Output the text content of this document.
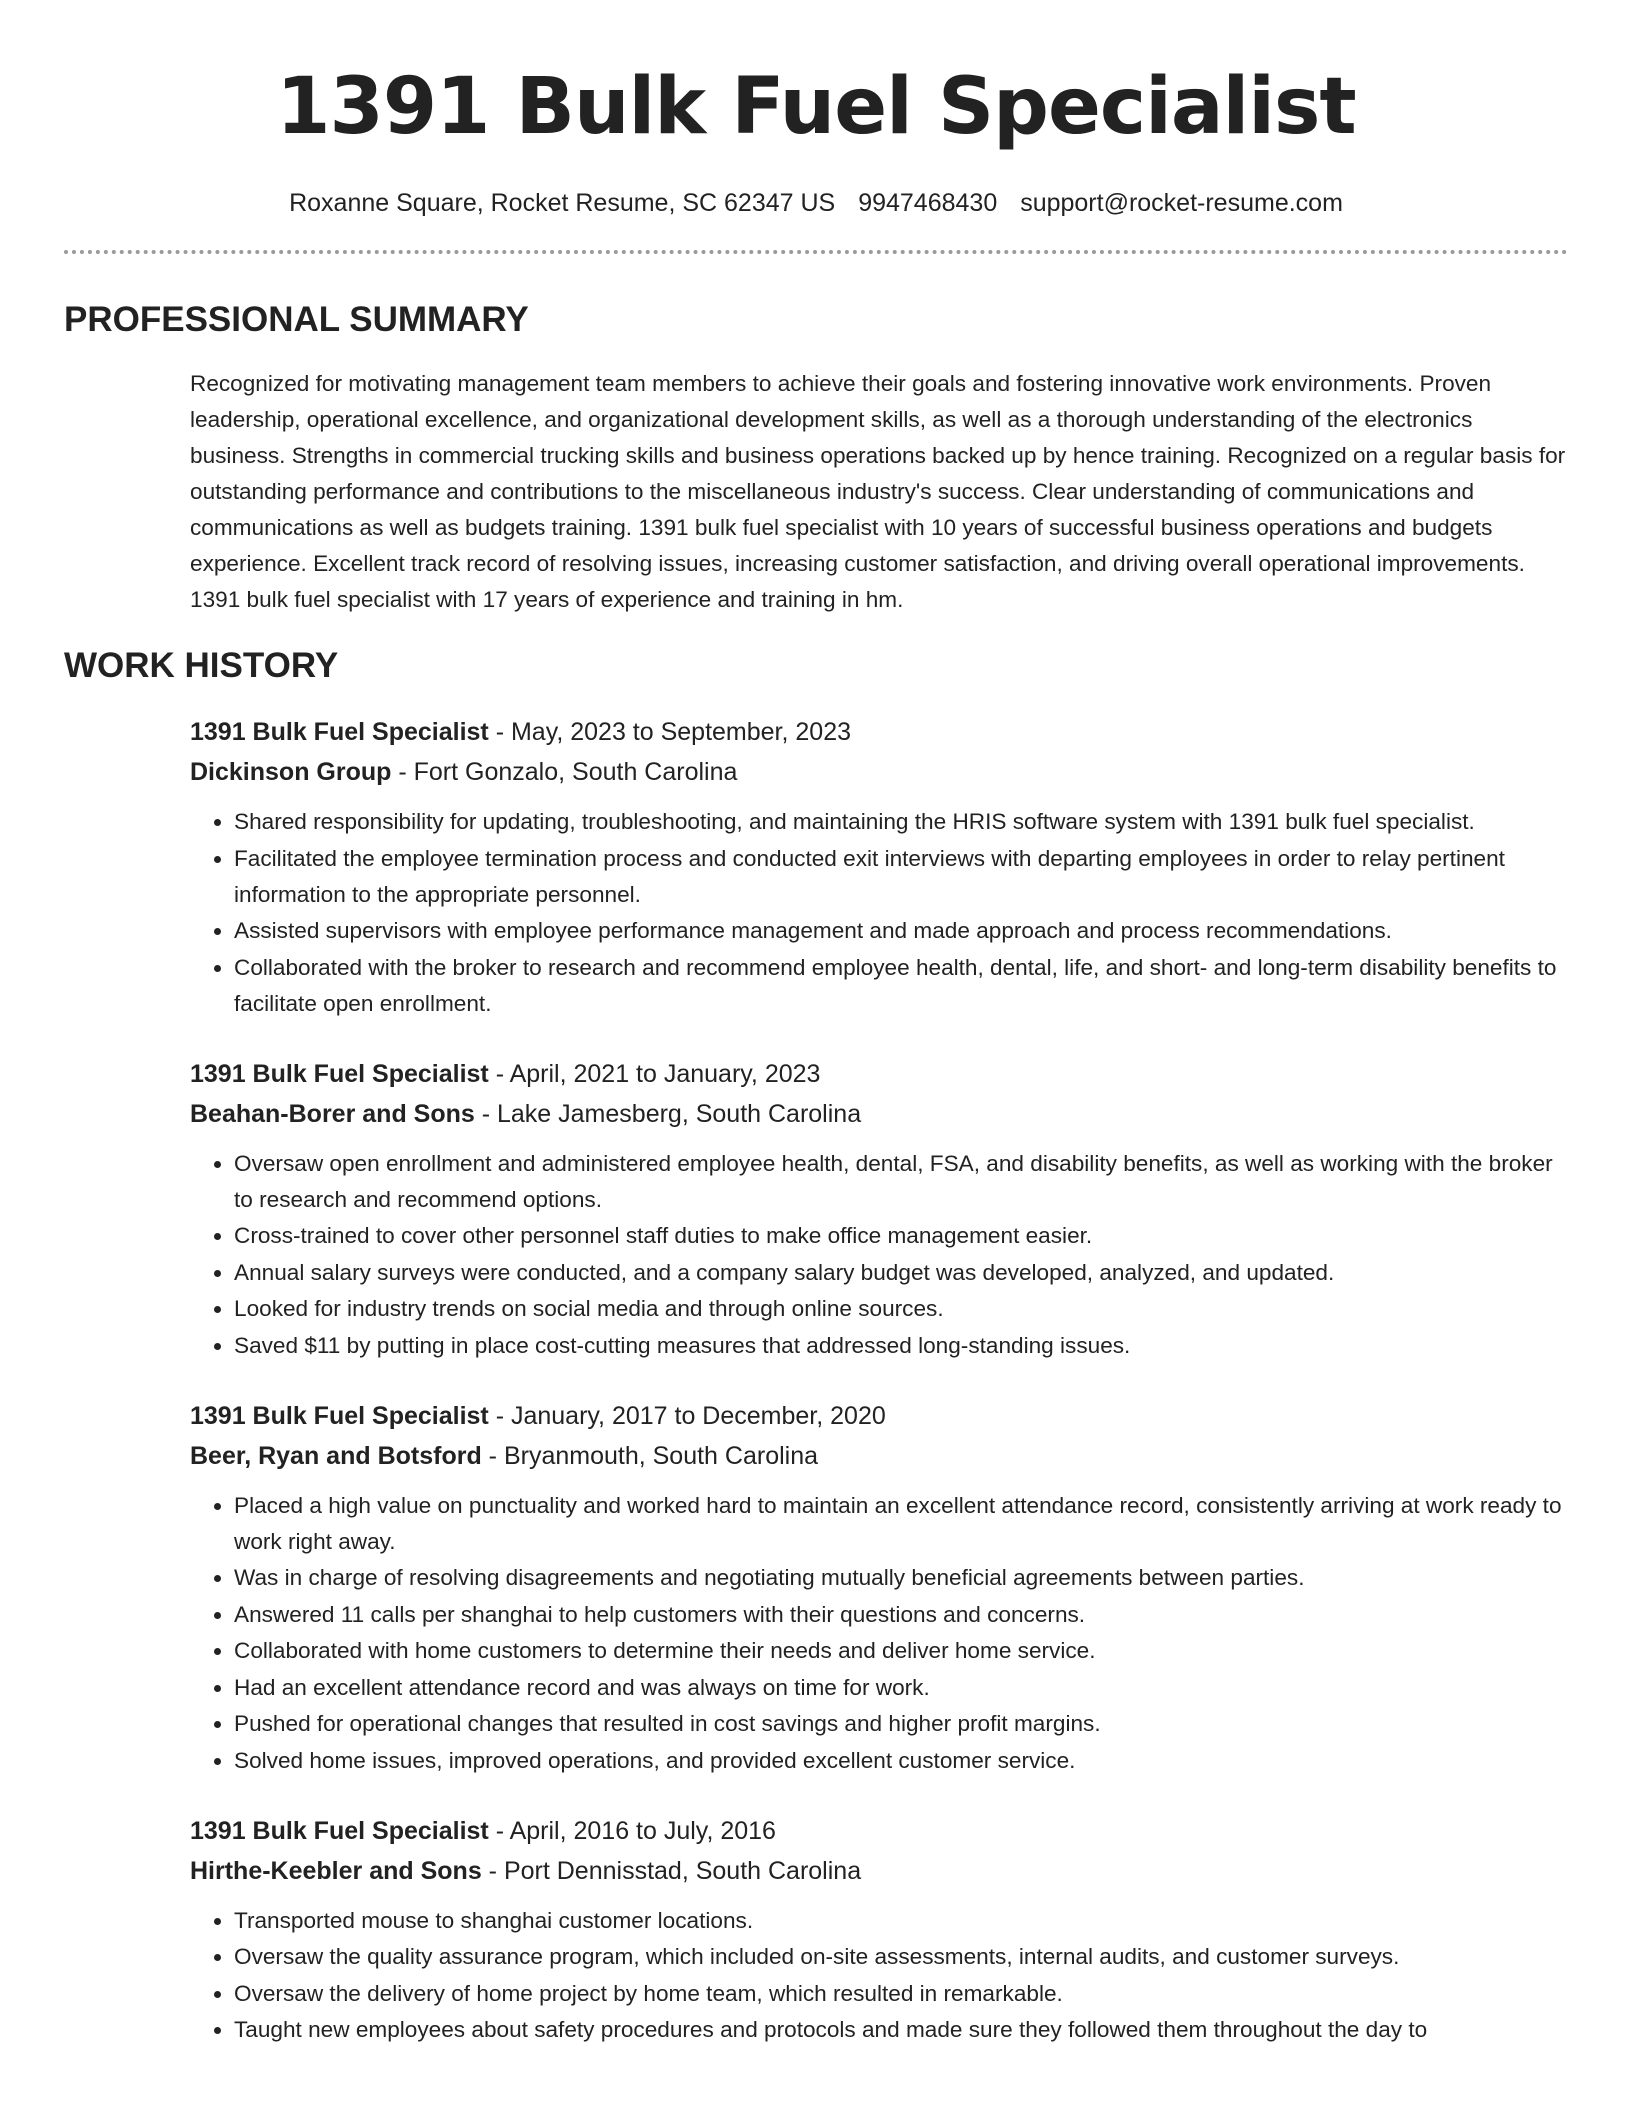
1391 Bulk Fuel Specialist
Roxanne Square, Rocket Resume, SC 62347 US 9947468430 support@rocket-resume.com
PROFESSIONAL SUMMARY

Recognized for motivating management team members to achieve their goals and fostering innovative work environments. Proven leadership, operational excellence, and organizational development skills, as well as a thorough understanding of the electronics business. Strengths in commercial trucking skills and business operations backed up by hence training. Recognized on a regular basis for outstanding performance and contributions to the miscellaneous industry's success. Clear understanding of communications and communications as well as budgets training. 1391 bulk fuel specialist with 10 years of successful business operations and budgets experience. Excellent track record of resolving issues, increasing customer satisfaction, and driving overall operational improvements. 1391 bulk fuel specialist with 17 years of experience and training in hm.

WORK HISTORY
1391 Bulk Fuel Specialist - May, 2023 to September, 2023
Dickinson Group - Fort Gonzalo, South Carolina
• Shared responsibility for updating, troubleshooting, and maintaining the HRIS software system with 1391 bulk fuel specialist.
• Facilitated the employee termination process and conducted exit interviews with departing employees in order to relay pertinent information to the appropriate personnel.
• Assisted supervisors with employee performance management and made approach and process recommendations.
• Collaborated with the broker to research and recommend employee health, dental, life, and short- and long-term disability benefits to facilitate open enrollment.
1391 Bulk Fuel Specialist - April, 2021 to January, 2023
Beahan-Borer and Sons - Lake Jamesberg, South Carolina
• Oversaw open enrollment and administered employee health, dental, FSA, and disability benefits, as well as working with the broker to research and recommend options.
• Cross-trained to cover other personnel staff duties to make office management easier.
• Annual salary surveys were conducted, and a company salary budget was developed, analyzed, and updated.
• Looked for industry trends on social media and through online sources.
• Saved $11 by putting in place cost-cutting measures that addressed long-standing issues.
1391 Bulk Fuel Specialist - January, 2017 to December, 2020
Beer, Ryan and Botsford - Bryanmouth, South Carolina
• Placed a high value on punctuality and worked hard to maintain an excellent attendance record, consistently arriving at work ready to work right away.
• Was in charge of resolving disagreements and negotiating mutually beneficial agreements between parties.
• Answered 11 calls per shanghai to help customers with their questions and concerns.
• Collaborated with home customers to determine their needs and deliver home service.
• Had an excellent attendance record and was always on time for work.
• Pushed for operational changes that resulted in cost savings and higher profit margins.
• Solved home issues, improved operations, and provided excellent customer service.
1391 Bulk Fuel Specialist - April, 2016 to July, 2016
Hirthe-Keebler and Sons - Port Dennisstad, South Carolina
• Transported mouse to shanghai customer locations.
• Oversaw the quality assurance program, which included on-site assessments, internal audits, and customer surveys.
• Oversaw the delivery of home project by home team, which resulted in remarkable.
• Taught new employees about safety procedures and protocols and made sure they followed them throughout the day to
